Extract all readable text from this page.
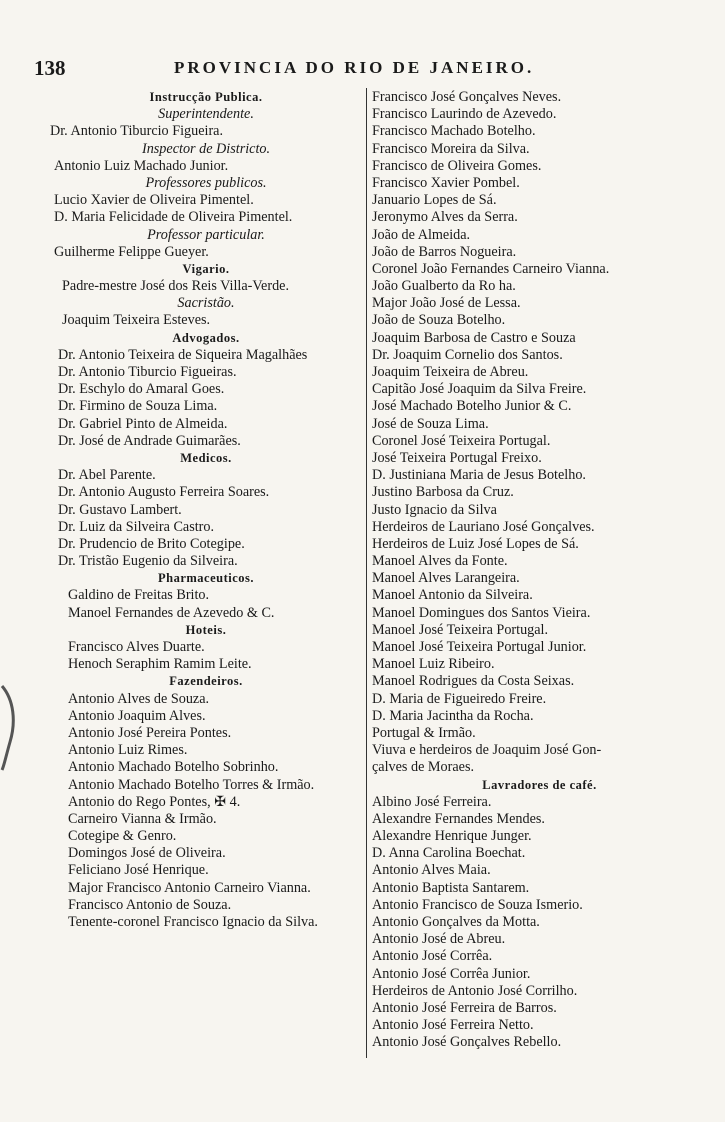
138	PROVINCIA DO RIO DE JANEIRO.
Instrucção Publica.
Superintendente.
Dr. Antonio Tiburcio Figueira.
Inspector de Districto.
Antonio Luiz Machado Junior.
Professores publicos.
Lucio Xavier de Oliveira Pimentel.
D. Maria Felicidade de Oliveira Pimentel.
Professor particular.
Guilherme Felippe Gueyer.
Vigario.
Padre-mestre José dos Reis Villa-Verde.
Sacristão.
Joaquim Teixeira Esteves.
Advogados.
Dr. Antonio Teixeira de Siqueira Magalhães
Dr. Antonio Tiburcio Figueiras.
Dr. Eschylo do Amaral Goes.
Dr. Firmino de Souza Lima.
Dr. Gabriel Pinto de Almeida.
Dr. José de Andrade Guimarães.
Medicos.
Dr. Abel Parente.
Dr. Antonio Augusto Ferreira Soares.
Dr. Gustavo Lambert.
Dr. Luiz da Silveira Castro.
Dr. Prudencio de Brito Cotegipe.
Dr. Tristão Eugenio da Silveira.
Pharmaceuticos.
Galdino de Freitas Brito.
Manoel Fernandes de Azevedo & C.
Hoteis.
Francisco Alves Duarte.
Henoch Seraphim Ramim Leite.
Fazendeiros.
Antonio Alves de Souza.
Antonio Joaquim Alves.
Antonio José Pereira Pontes.
Antonio Luiz Rimes.
Antonio Machado Botelho Sobrinho.
Antonio Machado Botelho Torres & Irmão.
Antonio do Rego Pontes, ✠ 4.
Carneiro Vianna & Irmão.
Cotegipe & Genro.
Domingos José de Oliveira.
Feliciano José Henrique.
Major Francisco Antonio Carneiro Vianna.
Francisco Antonio de Souza.
Tenente-coronel Francisco Ignacio da Silva.
Francisco José Gonçalves Neves.
Francisco Laurindo de Azevedo.
Francisco Machado Botelho.
Francisco Moreira da Silva.
Francisco de Oliveira Gomes.
Francisco Xavier Pombel.
Januario Lopes de Sá.
Jeronymo Alves da Serra.
João de Almeida.
João de Barros Nogueira.
Coronel João Fernandes Carneiro Vianna.
João Gualberto da Ro ha.
Major João José de Lessa.
João de Souza Botelho.
Joaquim Barbosa de Castro e Souza
Dr. Joaquim Cornelio dos Santos.
Joaquim Teixeira de Abreu.
Capitão José Joaquim da Silva Freire.
José Machado Botelho Junior & C.
José de Souza Lima.
Coronel José Teixeira Portugal.
José Teixeira Portugal Freixo.
D. Justiniana Maria de Jesus Botelho.
Justino Barbosa da Cruz.
Justo Ignacio da Silva
Herdeiros de Lauriano José Gonçalves.
Herdeiros de Luiz José Lopes de Sá.
Manoel Alves da Fonte.
Manoel Alves Larangeira.
Manoel Antonio da Silveira.
Manoel Domingues dos Santos Vieira.
Manoel José Teixeira Portugal.
Manoel José Teixeira Portugal Junior.
Manoel Luiz Ribeiro.
Manoel Rodrigues da Costa Seixas.
D. Maria de Figueiredo Freire.
D. Maria Jacintha da Rocha.
Portugal & Irmão.
Viuva e herdeiros de Joaquim José Gon-
çalves de Moraes.
Lavradores de café.
Albino José Ferreira.
Alexandre Fernandes Mendes.
Alexandre Henrique Junger.
D. Anna Carolina Boechat.
Antonio Alves Maia.
Antonio Baptista Santarem.
Antonio Francisco de Souza Ismerio.
Antonio Gonçalves da Motta.
Antonio José de Abreu.
Antonio José Corrêa.
Antonio José Corrêa Junior.
Herdeiros de Antonio José Corrilho.
Antonio José Ferreira de Barros.
Antonio José Ferreira Netto.
Antonio José Gonçalves Rebello.
